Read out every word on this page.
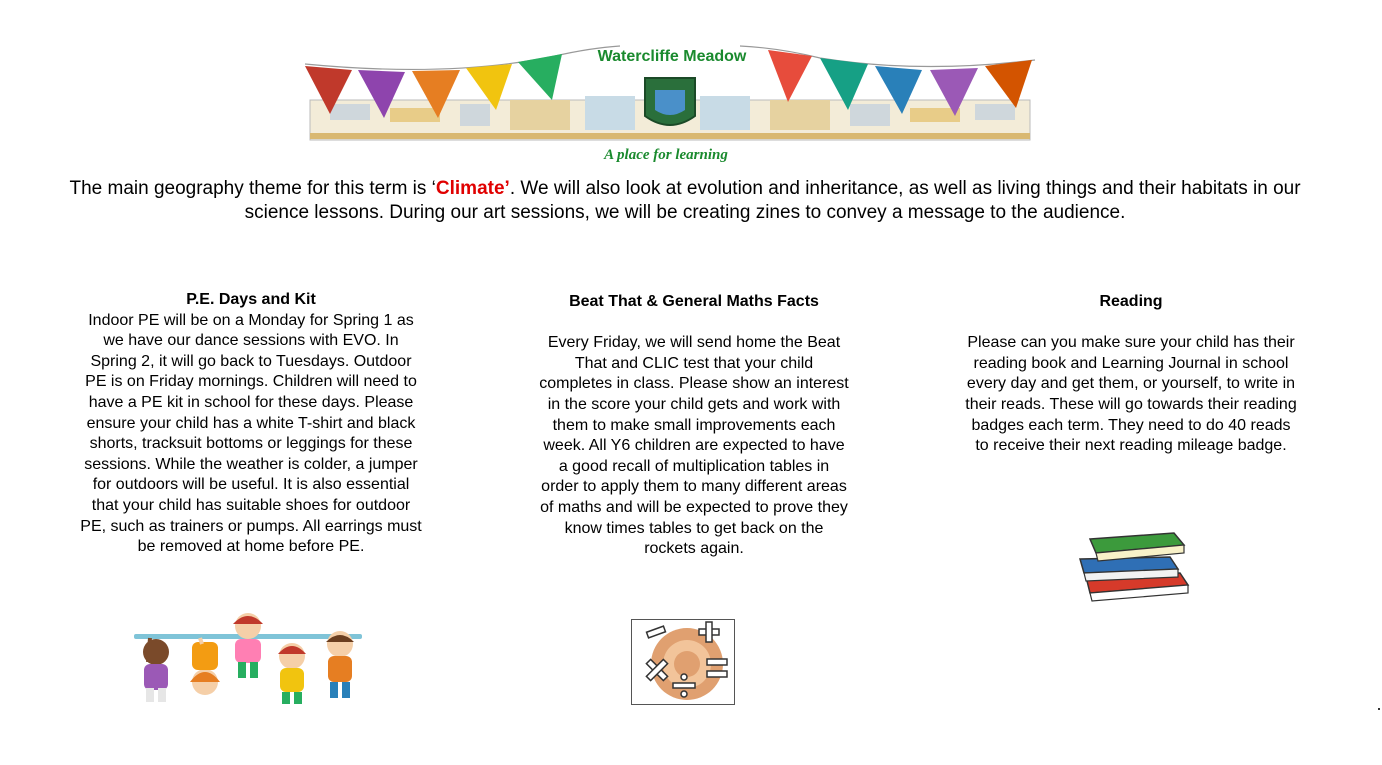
Watercliffe Meadow
A place for learning
The main geography theme for this term is ‘Climate’. We will also look at evolution and inheritance, as well as living things and their habitats in our science lessons. During our art sessions, we will be creating zines to convey a message to the audience.
P.E. Days and Kit
Indoor PE will be on a Monday for Spring 1 as we have our dance sessions with EVO. In Spring 2, it will go back to Tuesdays. Outdoor PE is on Friday mornings. Children will need to have a PE kit in school for these days. Please ensure your child has a white T-shirt and black shorts, tracksuit bottoms or leggings for these sessions. While the weather is colder, a jumper for outdoors will be useful. It is also essential that your child has suitable shoes for outdoor PE, such as trainers or pumps. All earrings must be removed at home before PE.
Beat That & General Maths Facts
Every Friday, we will send home the Beat That and CLIC test that your child completes in class. Please show an interest in the score your child gets and work with them to make small improvements each week. All Y6 children are expected to have a good recall of multiplication tables in order to apply them to many different areas of maths and will be expected to prove they know times tables to get back on the rockets again.
Reading
Please can you make sure your child has their reading book and Learning Journal in school every day and get them, or yourself, to write in their reads. These will go towards their reading badges each term. They need to do 40 reads to receive their next reading mileage badge.
